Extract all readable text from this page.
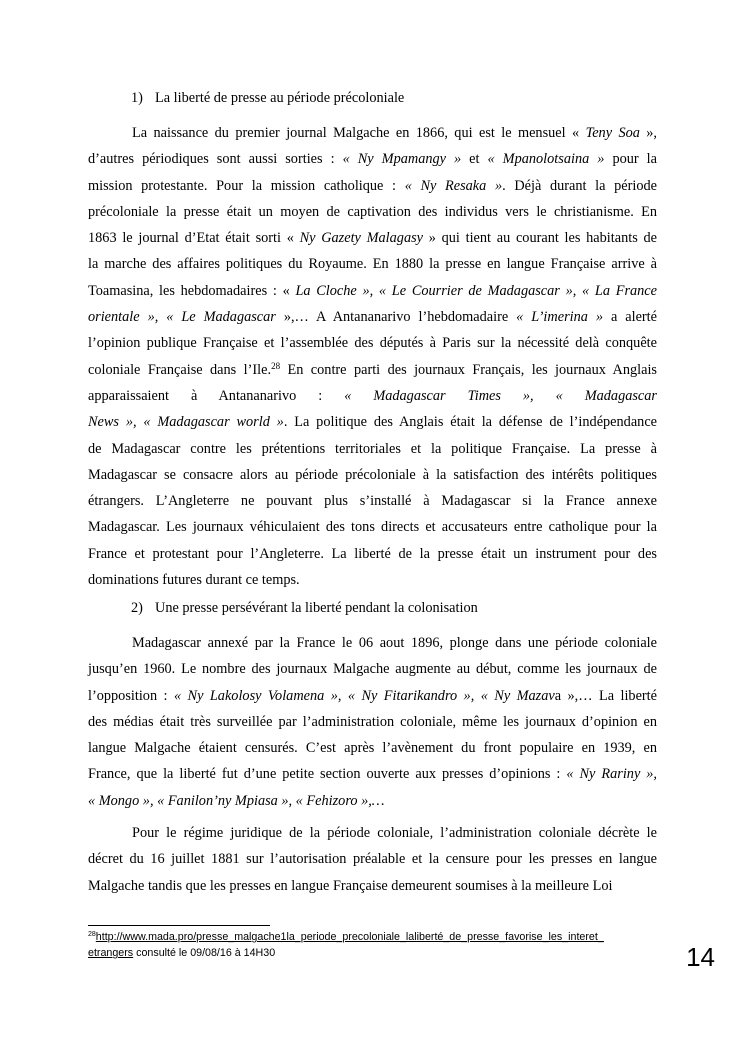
1) La liberté de presse au période précoloniale
La naissance du premier journal Malgache en 1866, qui est le mensuel « Teny Soa »,
d’autres périodiques sont aussi sorties : « Ny Mpamangy » et « Mpanolotsaina » pour la
mission protestante. Pour la mission catholique : « Ny Resaka ». Déjà durant la période
précoloniale la presse était un moyen de captivation des individus vers le christianisme. En
1863 le journal d’Etat était sorti « Ny Gazety Malagasy » qui tient au courant les habitants de
la marche des affaires politiques du Royaume. En 1880 la presse en langue Française arrive à
Toamasina, les hebdomadaires : « La Cloche », « Le Courrier de Madagascar », « La France
orientale », « Le Madagascar »,… A Antananarivo l’hebdomadaire « L’imerina » a alerté
l’opinion publique Française et l’assemblée des députés à Paris sur la nécessité delà conquête
coloniale Française dans l’Ile.$^{28}$ En contre parti des journaux Français, les journaux Anglais
apparaissaient à Antananarivo : « Madagascar Times », « Madagascar
News », « Madagascar world ». La politique des Anglais était la défense de l’indépendance
de Madagascar contre les prétentions territoriales et la politique Française. La presse à
Madagascar se consacre alors au période précoloniale à la satisfaction des intérêts politiques
étrangers. L’Angleterre ne pouvant plus s’installé à Madagascar si la France annexe
Madagascar. Les journaux véhiculaient des tons directs et accusateurs entre catholique pour la
France et protestant pour l’Angleterre. La liberté de la presse était un instrument pour des
dominations futures durant ce temps.
2) Une presse persévérant la liberté pendant la colonisation
Madagascar annexé par la France le 06 aout 1896, plonge dans une période coloniale
jusqu’en 1960. Le nombre des journaux Malgache augmente au début, comme les journaux de
l’opposition : « Ny Lakolosy Volamena », « Ny Fitarikandro », « Ny Mazava »,… La liberté
des médias était très surveillée par l’administration coloniale, même les journaux d’opinion en
langue Malgache étaient censurés. C’est après l’avènement du front populaire en 1939, en
France, que la liberté fut d’une petite section ouverte aux presses d’opinions : « Ny Rariny »,
« Mongo », « Fanilon’ny Mpiasa », « Fehizoro »,…
Pour le régime juridique de la période coloniale, l’administration coloniale décrète le
décret du 16 juillet 1881 sur l’autorisation préalable et la censure pour les presses en langue
Malgache tandis que les presses en langue Française demeurent soumises à la meilleure Loi
$^{28}$http://www.mada.pro/presse_malgache1la_periode_precoloniale_laliberté_de_presse_favorise_les_interet_
etrangers consulté le 09/08/16 à 14H30	14
